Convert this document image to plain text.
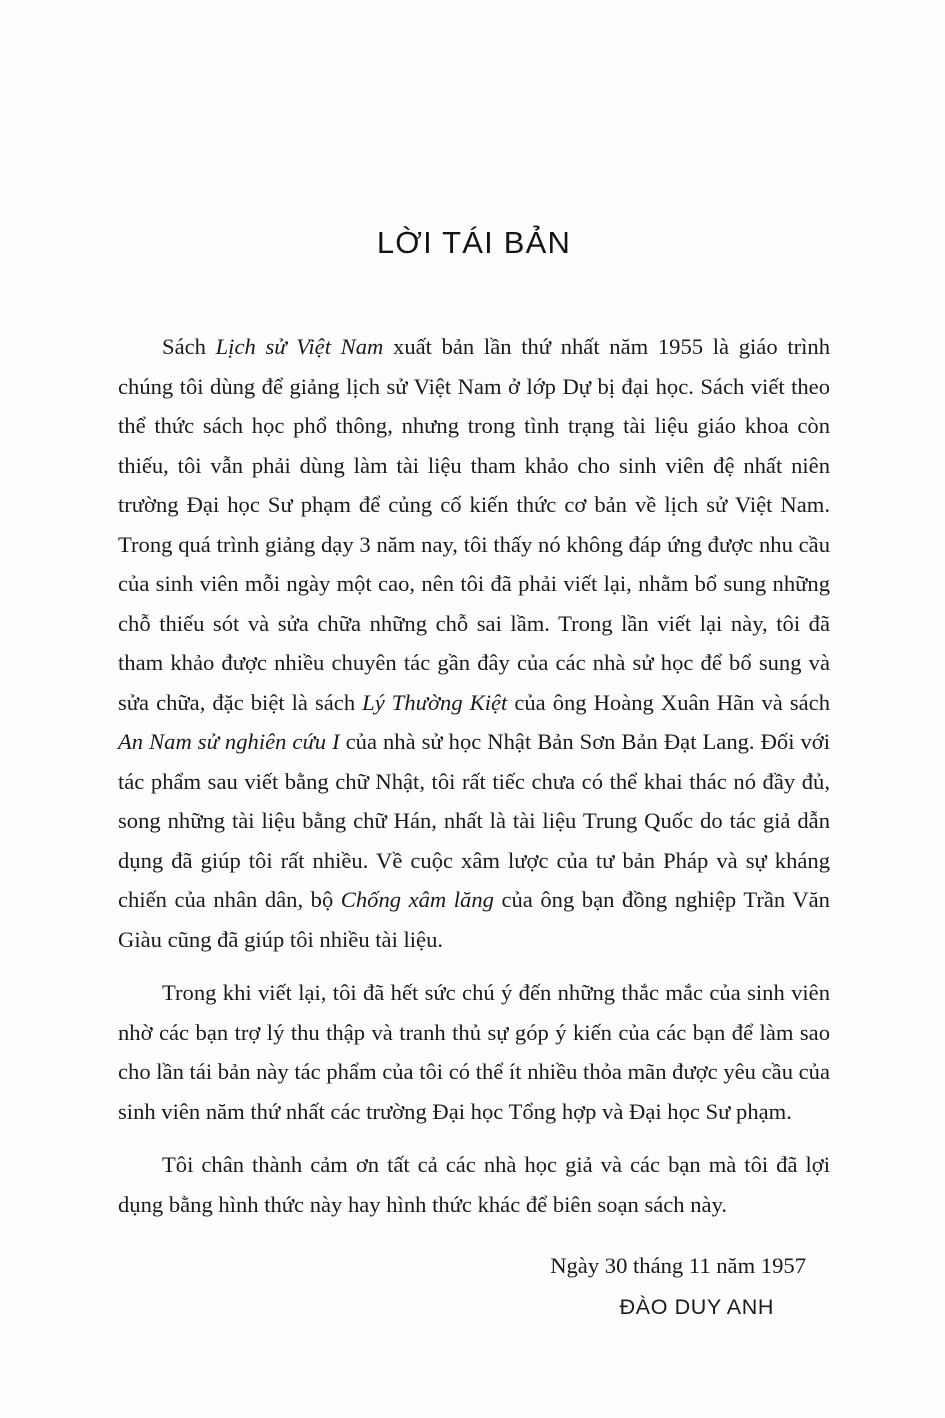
LỜI TÁI BẢN

Sách Lịch sử Việt Nam xuất bản lần thứ nhất năm 1955 là giáo trình chúng tôi dùng để giảng lịch sử Việt Nam ở lớp Dự bị đại học. Sách viết theo thể thức sách học phổ thông, nhưng trong tình trạng tài liệu giáo khoa còn thiếu, tôi vẫn phải dùng làm tài liệu tham khảo cho sinh viên đệ nhất niên trường Đại học Sư phạm để củng cố kiến thức cơ bản về lịch sử Việt Nam. Trong quá trình giảng dạy 3 năm nay, tôi thấy nó không đáp ứng được nhu cầu của sinh viên mỗi ngày một cao, nên tôi đã phải viết lại, nhằm bổ sung những chỗ thiếu sót và sửa chữa những chỗ sai lầm. Trong lần viết lại này, tôi đã tham khảo được nhiều chuyên tác gần đây của các nhà sử học để bổ sung và sửa chữa, đặc biệt là sách Lý Thường Kiệt của ông Hoàng Xuân Hãn và sách An Nam sử nghiên cứu I của nhà sử học Nhật Bản Sơn Bản Đạt Lang. Đối với tác phẩm sau viết bằng chữ Nhật, tôi rất tiếc chưa có thể khai thác nó đầy đủ, song những tài liệu bằng chữ Hán, nhất là tài liệu Trung Quốc do tác giả dẫn dụng đã giúp tôi rất nhiều. Về cuộc xâm lược của tư bản Pháp và sự kháng chiến của nhân dân, bộ Chống xâm lăng của ông bạn đồng nghiệp Trần Văn Giàu cũng đã giúp tôi nhiều tài liệu.

Trong khi viết lại, tôi đã hết sức chú ý đến những thắc mắc của sinh viên nhờ các bạn trợ lý thu thập và tranh thủ sự góp ý kiến của các bạn để làm sao cho lần tái bản này tác phẩm của tôi có thể ít nhiều thỏa mãn được yêu cầu của sinh viên năm thứ nhất các trường Đại học Tổng hợp và Đại học Sư phạm.

Tôi chân thành cảm ơn tất cả các nhà học giả và các bạn mà tôi đã lợi dụng bằng hình thức này hay hình thức khác để biên soạn sách này.

Ngày 30 tháng 11 năm 1957
ĐÀO DUY ANH
